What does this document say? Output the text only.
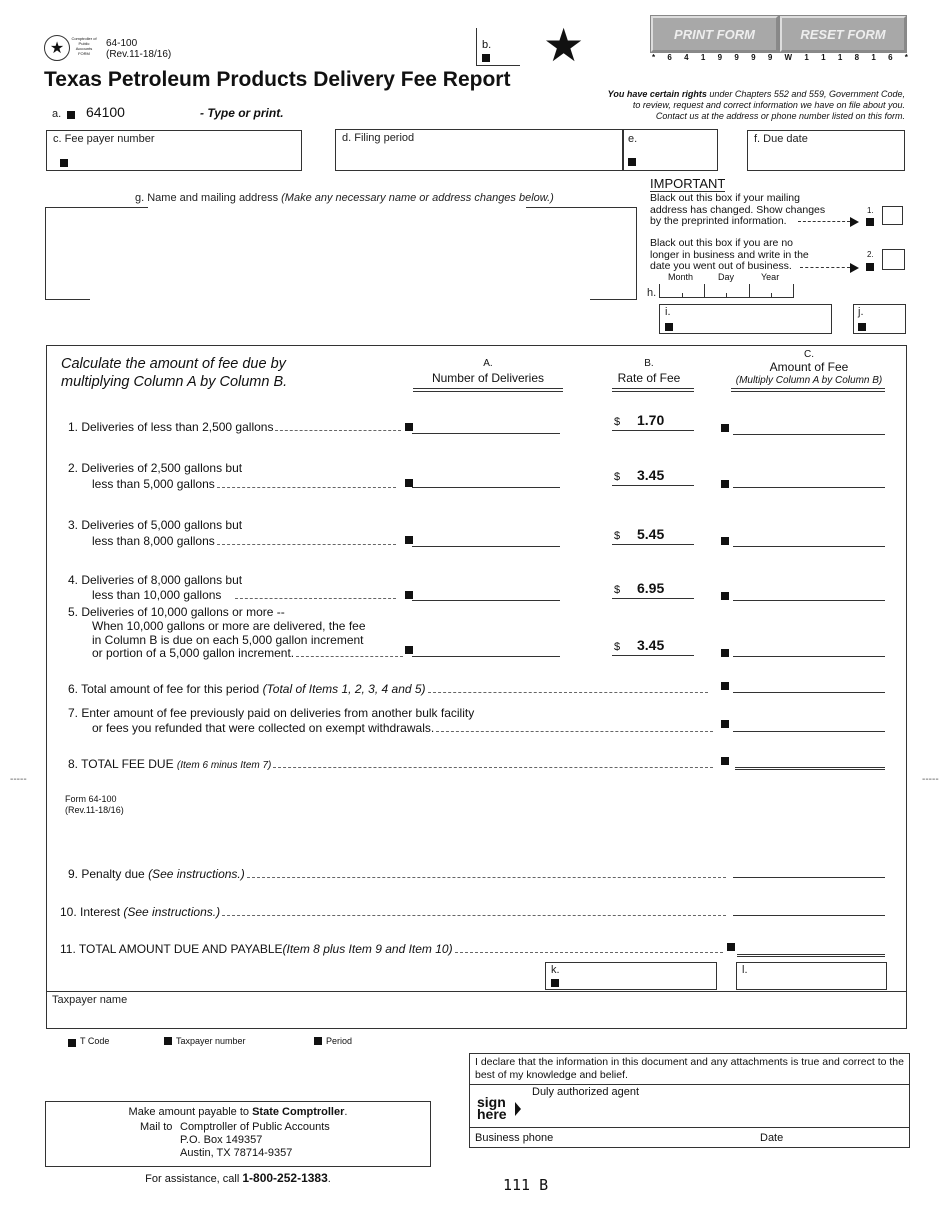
★
Comptroller of Public Accounts FORM
64-100
(Rev.11-18/16)
Texas Petroleum Products Delivery Fee Report
a. 64100	- Type or print.
b. ★	PRINT FORM	RESET FORM
* 6 4 1 9 9 9 9 W 1 1 1 8 1 6 *
You have certain rights under Chapters 552 and 559, Government Code,
to review, request and correct information we have on file about you.
Contact us at the address or phone number listed on this form.
c. Fee payer number	d. Filing period	e.	f. Due date
g. Name and mailing address (Make any necessary name or address changes below.)
IMPORTANT
Black out this box if your mailing
address has changed. Show changes
by the preprinted information.
1.
Black out this box if you are no
longer in business and write in the
date you went out of business.
2.
Month	Day	Year
h.
i.	j.
Calculate the amount of fee due by
multiplying Column A by Column B.
A.
Number of Deliveries
B.
Rate of Fee
C.
Amount of Fee
(Multiply Column A by Column B)
1. Deliveries of less than 2,500 gallons	$ 1.70
2. Deliveries of 2,500 gallons but
less than 5,000 gallons	$ 3.45
3. Deliveries of 5,000 gallons but
less than 8,000 gallons	$ 5.45
4. Deliveries of 8,000 gallons but
less than 10,000 gallons	$ 6.95
5. Deliveries of 10,000 gallons or more --
When 10,000 gallons or more are delivered, the fee
in Column B is due on each 5,000 gallon increment
or portion of a 5,000 gallon increment.	$ 3.45
6. Total amount of fee for this period (Total of Items 1, 2, 3, 4 and 5)
7. Enter amount of fee previously paid on deliveries from another bulk facility
or fees you refunded that were collected on exempt withdrawals.
8. TOTAL FEE DUE (Item 6 minus Item 7)
Form 64-100
(Rev.11-18/16)
9. Penalty due (See instructions.)
10. Interest (See instructions.)
11. TOTAL AMOUNT DUE AND PAYABLE (Item 8 plus Item 9 and Item 10)
k.	l.
Taxpayer name
T Code	Taxpayer number	Period
Make amount payable to State Comptroller.
Mail to Comptroller of Public Accounts
P.O. Box 149357
Austin, TX 78714-9357
For assistance, call 1-800-252-1383.
I declare that the information in this document and any attachments is true and correct to the best of my knowledge and belief.
sign
here
Duly authorized agent
Business phone	Date
111 B
-----	-----
